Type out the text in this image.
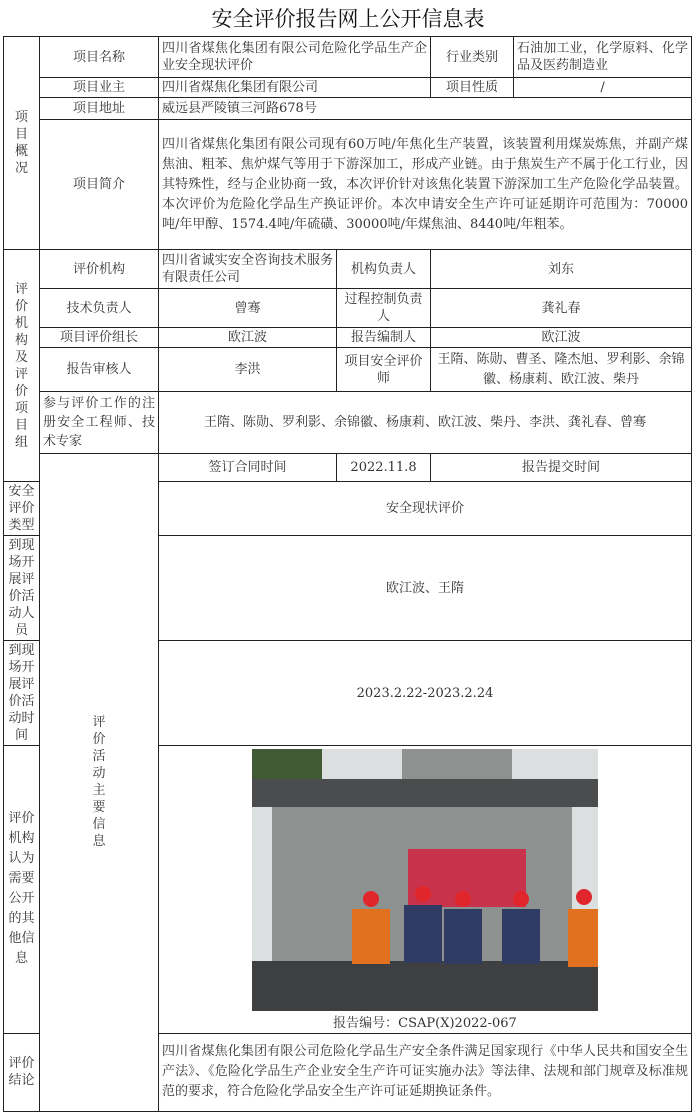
安全评价报告网上公开信息表
项目概况	项目名称	四川省煤焦化集团有限公司危险化学品生产企业安全现状评价		行业类别	石油加工业，化学原料、化学品及医药制造业	
	项目业主	四川省煤焦化集团有限公司		项目性质	/	
	项目地址	威远县严陵镇三河路678号				
	项目简介	四川省煤焦化集团有限公司现有60万吨/年焦化生产装置，该装置利用煤炭炼焦，并副产煤焦油、粗苯、焦炉煤气等用于下游深加工，形成产业链。由于焦炭生产不属于化工行业，因其特殊性，经与企业协商一致，本次评价针对该焦化装置下游深加工生产危险化学品装置。本次评价为危险化学品生产换证评价。本次申请安全生产许可证延期许可范围为：70000 吨/年甲醇、1574.4吨/年硫磺、30000吨/年煤焦油、8440吨/年粗苯。				
评价机构及评价项目组	评价机构	四川省诚实安全咨询技术服务有限责任公司	机构负责人	刘东		
	技术负责人	曾骞	过程控制负责人	龚礼春		
	项目评价组长	欧江波	报告编制人	欧江波		
	报告审核人	李洪	项目安全评价师	王隋、陈勋、曹圣、隆杰旭、罗利影、余锦徽、杨康莉、欧江波、柴丹		
	参与评价工作的注册安全工程师、技术专家	王隋、陈勋、罗利影、余锦徽、杨康莉、欧江波、柴丹、李洪、龚礼春、曾骞				
	评价活动主要信息	签订合同时间	2022.11.8	报告提交时间	
安全评价类型		安全现状评价				
到现场开展评价活动人员		欧江波、王隋				
到现场开展评价活动时间		2023.2.22-2023.2.24				
评价机构认为需要公开的其他信息	

		报告编号：CSAP(X)2022-067				
评价结论		四川省煤焦化集团有限公司危险化学品生产安全条件满足国家现行《中华人民共和国安全生产法》、《危险化学品生产企业安全生产许可证实施办法》等法律、法规和部门规章及标准规范的要求，符合危险化学品安全生产许可证延期换证条件。				
